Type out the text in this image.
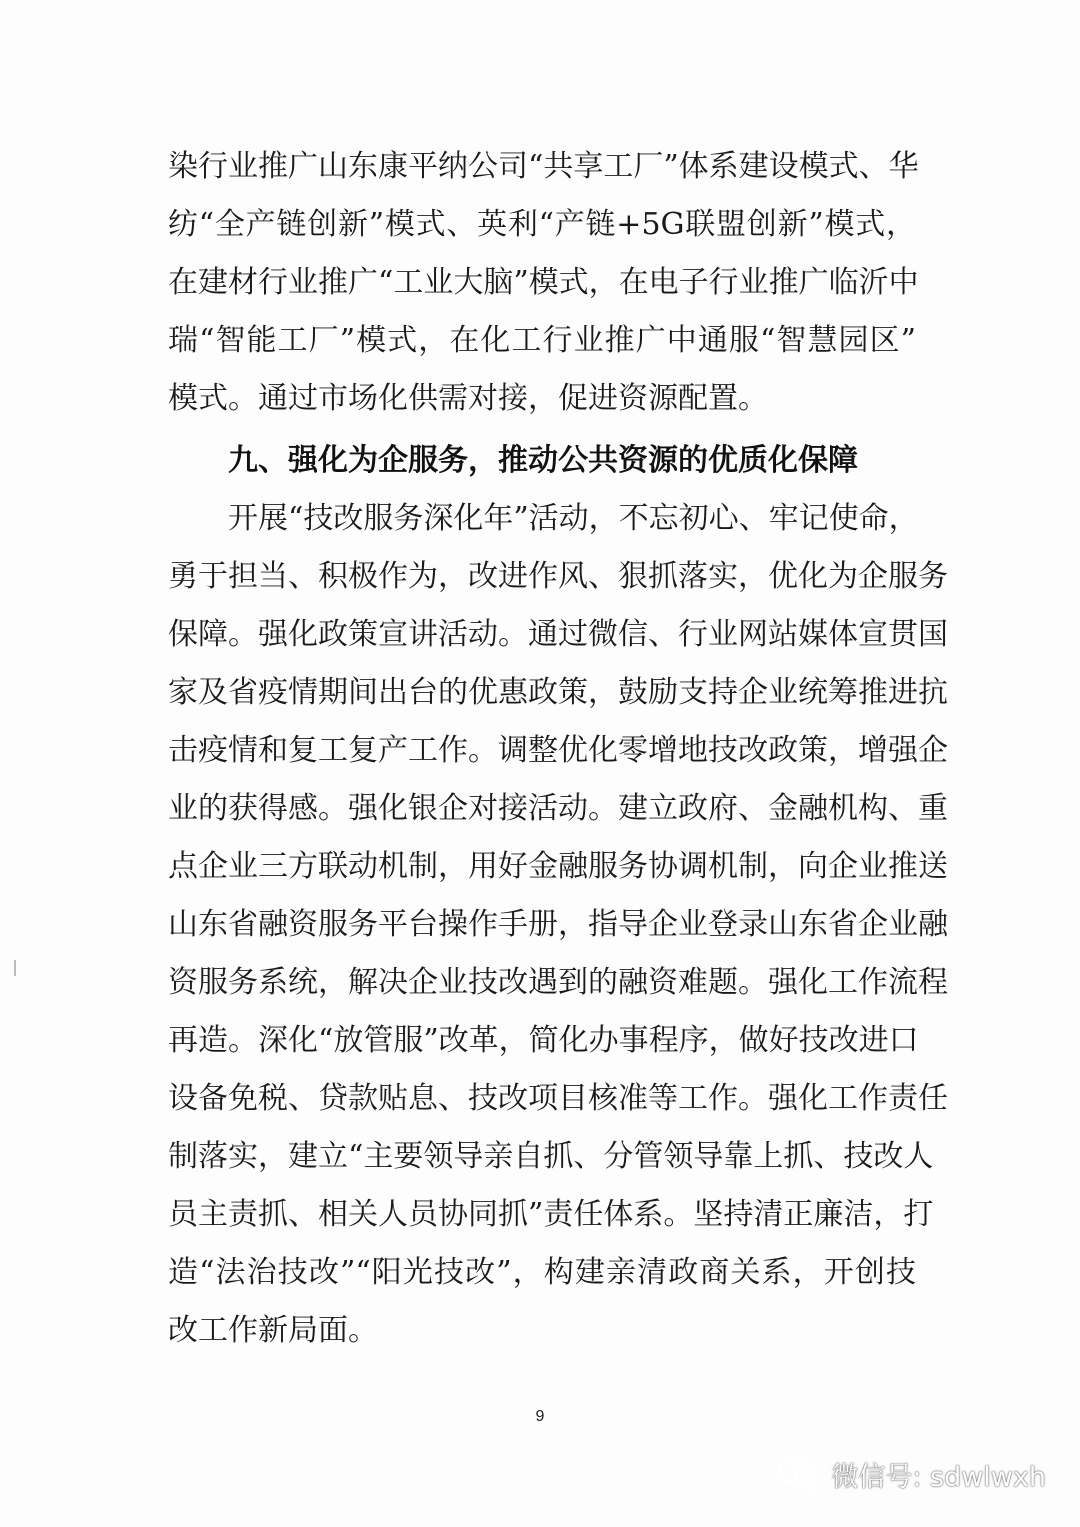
染行业推广山东康平纳公司“共享工厂”体系建设模式、华
纺“全产链创新”模式、英利“产链+5G联盟创新”模式，
在建材行业推广“工业大脑”模式，在电子行业推广临沂中
瑞“智能工厂”模式，在化工行业推广中通服“智慧园区”
模式。通过市场化供需对接，促进资源配置。
九、强化为企服务，推动公共资源的优质化保障
开展“技改服务深化年”活动，不忘初心、牢记使命，
勇于担当、积极作为，改进作风、狠抓落实，优化为企服务
保障。强化政策宣讲活动。通过微信、行业网站媒体宣贯国
家及省疫情期间出台的优惠政策，鼓励支持企业统筹推进抗
击疫情和复工复产工作。调整优化零增地技改政策，增强企
业的获得感。强化银企对接活动。建立政府、金融机构、重
点企业三方联动机制，用好金融服务协调机制，向企业推送
山东省融资服务平台操作手册，指导企业登录山东省企业融
资服务系统，解决企业技改遇到的融资难题。强化工作流程
再造。深化“放管服”改革，简化办事程序，做好技改进口
设备免税、贷款贴息、技改项目核准等工作。强化工作责任
制落实，建立“主要领导亲自抓、分管领导靠上抓、技改人
员主责抓、相关人员协同抓”责任体系。坚持清正廉洁，打
造“法治技改”“阳光技改”，构建亲清政商关系，开创技
改工作新局面。
9
微信号: sdwlwxh
